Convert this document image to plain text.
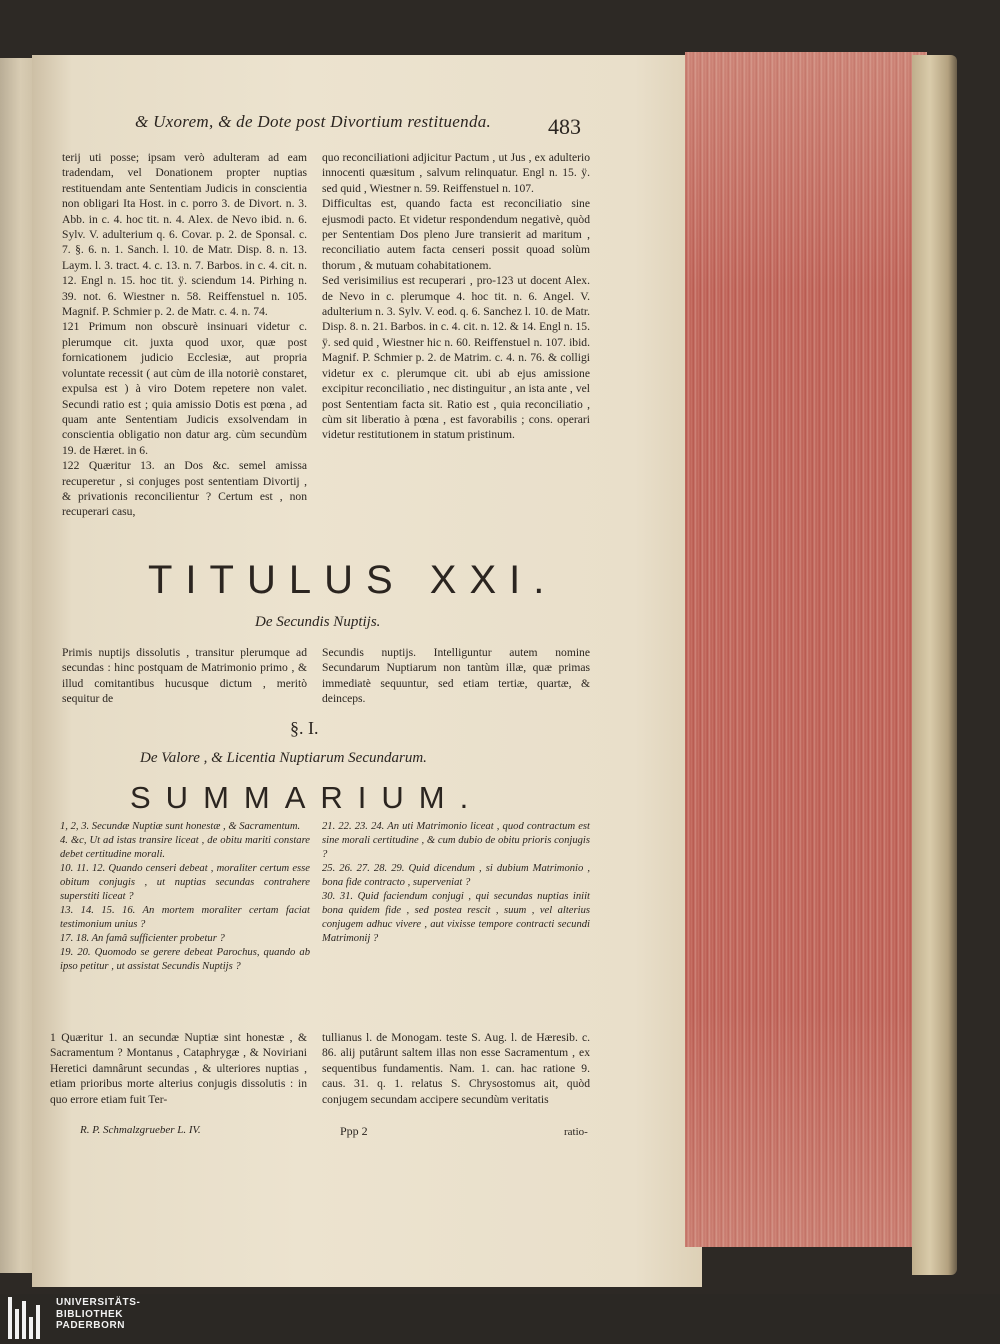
& Uxorem, & de Dote post Divortium restituenda.	483

terij uti posse; ipsam verò adulteram ad eam tradendam, vel Donationem propter nuptias restituendam ante Sententiam Judicis in conscientia non obligari Ita Host. in c. porro 3. de Divort. n. 3. Abb. in c. 4. hoc tit. n. 4. Alex. de Nevo ibid. n. 6. Sylv. V. adulterium q. 6. Covar. p. 2. de Sponsal. c. 7. §. 6. n. 1. Sanch. l. 10. de Matr. Disp. 8. n. 13. Laym. l. 3. tract. 4. c. 13. n. 7. Barbos. in c. 4. cit. n. 12. Engl n. 15. hoc tit. ÿ. sciendum 14. Pirhing n. 39. not. 6. Wiestner n. 58. Reiffenstuel n. 105. Magnif. P. Schmier p. 2. de Matr. c. 4. n. 74.

121 Primum non obscurè insinuari videtur c. plerumque cit. juxta quod uxor, quæ post fornicationem judicio Ecclesiæ, aut propria voluntate recessit ( aut cùm de illa notoriè constaret, expulsa est ) à viro Dotem repetere non valet. Secundi ratio est ; quia amissio Dotis est pœna , ad quam ante Sententiam Judicis exsolvendam in conscientia obligatio non datur arg. cùm secundùm 19. de Hæret. in 6.

122 Quæritur 13. an Dos &c. semel amissa recuperetur , si conjuges post sententiam Divortij , & privationis reconcilientur ? Certum est , non recuperari casu,

quo reconciliationi adjicitur Pactum , ut Jus , ex adulterio innocenti quæsitum , salvum relinquatur. Engl n. 15. ÿ. sed quid , Wiestner n. 59. Reiffenstuel n. 107.

Difficultas est, quando facta est reconciliatio sine ejusmodi pacto. Et videtur respondendum negativè, quòd per Sententiam Dos pleno Jure transierit ad maritum , reconciliatio autem facta censeri possit quoad solùm thorum , & mutuam cohabitationem.

Sed verisimilius est recuperari , pro-123 ut docent Alex. de Nevo in c. plerumque 4. hoc tit. n. 6. Angel. V. adulterium n. 3. Sylv. V. eod. q. 6. Sanchez l. 10. de Matr. Disp. 8. n. 21. Barbos. in c. 4. cit. n. 12. & 14. Engl n. 15. ÿ. sed quid , Wiestner hic n. 60. Reiffenstuel n. 107. ibid. Magnif. P. Schmier p. 2. de Matrim. c. 4. n. 76. & colligi videtur ex c. plerumque cit. ubi ab ejus amissione excipitur reconciliatio , nec distinguitur , an ista ante , vel post Sententiam facta sit. Ratio est , quia reconciliatio , cùm sit liberatio à pœna , est favorabilis ; cons. operari videtur restitutionem in statum pristinum.

TITULUS XXI.
De Secundis Nuptijs.

Primis nuptijs dissolutis , transitur plerumque ad secundas : hinc postquam de Matrimonio primo , & illud comitantibus hucusque dictum , meritò sequitur de

Secundis nuptijs. Intelliguntur autem nomine Secundarum Nuptiarum non tantùm illæ, quæ primas immediatè sequuntur, sed etiam tertiæ, quartæ, & deinceps.

§. I.
De Valore , & Licentia Nuptiarum Secundarum.
SUMMARIUM.

1, 2, 3. Secundæ Nuptiæ sunt honestæ , & Sacramentum.

4. &c, Ut ad istas transire liceat , de obitu mariti constare debet certitudine morali.

10. 11. 12. Quando censeri debeat , moraliter certum esse obitum conjugis , ut nuptias secundas contrahere superstiti liceat ?

13. 14. 15. 16. An mortem moraliter certam faciat testimonium unius ?

17. 18. An famâ sufficienter probetur ?

19. 20. Quomodo se gerere debeat Parochus, quando ab ipso petitur , ut assistat Secundis Nuptijs ?

21. 22. 23. 24. An uti Matrimonio liceat , quod contractum est sine morali certitudine , & cum dubio de obitu prioris conjugis ?

25. 26. 27. 28. 29. Quid dicendum , si dubium Matrimonio , bona fide contracto , superveniat ?

30. 31. Quid faciendum conjugi , qui secundas nuptias iniit bona quidem fide , sed postea rescit , suum , vel alterius conjugem adhuc vivere , aut vixisse tempore contracti secundi Matrimonij ?

1 Quæritur 1. an secundæ Nuptiæ sint honestæ , & Sacramentum ? Montanus , Cataphrygæ , & Noviriani Heretici damnârunt secundas , & ulteriores nuptias , etiam prioribus morte alterius conjugis dissolutis : in quo errore etiam fuit Ter-

tullianus l. de Monogam. teste S. Aug. l. de Hæresib. c. 86. alij putârunt saltem illas non esse Sacramentum , ex sequentibus fundamentis. Nam. 1. can. hac ratione 9. caus. 31. q. 1. relatus S. Chrysostomus ait, quòd conjugem secundam accipere secundùm veritatis

R. P. Schmalzgrueber L. IV.	Ppp 2	ratio-
UNIVERSITÄTS-
BIBLIOTHEK
PADERBORN
